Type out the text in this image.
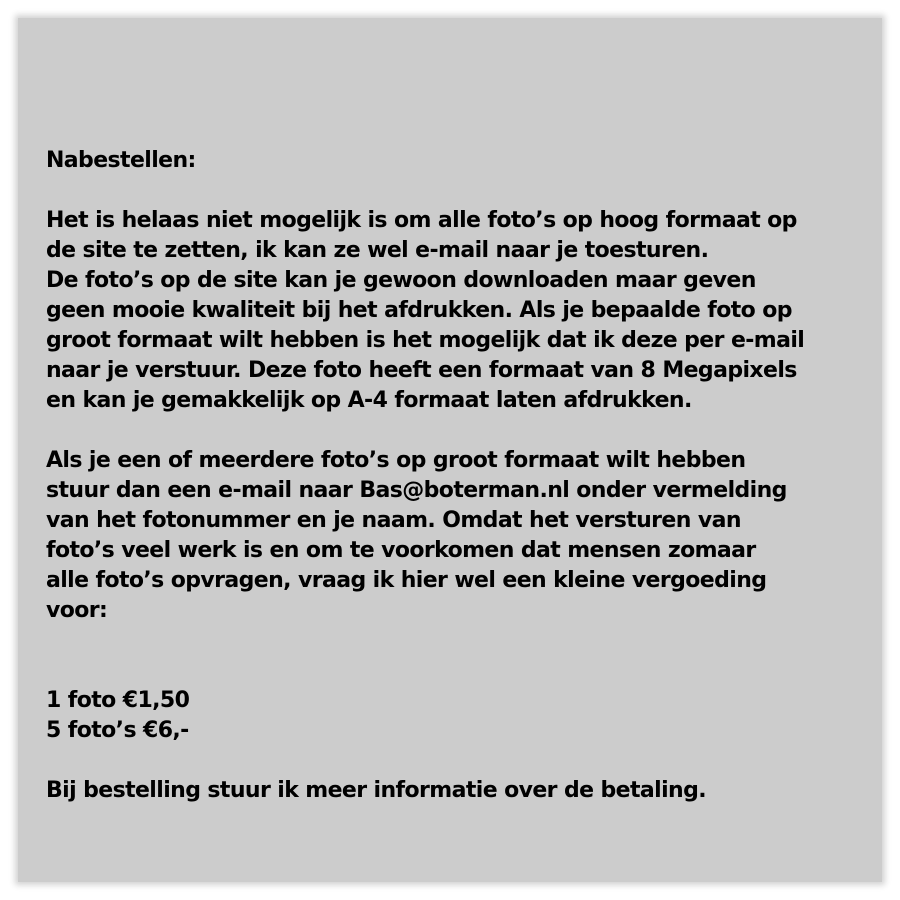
Nabestellen:

Het is helaas niet mogelijk is om alle foto’s op hoog formaat op
de site te zetten, ik kan ze wel e-mail naar je toesturen.
De foto’s op de site kan je gewoon downloaden maar geven
geen mooie kwaliteit bij het afdrukken. Als je bepaalde foto op
groot formaat wilt hebben is het mogelijk dat ik deze per e-mail
naar je verstuur. Deze foto heeft een formaat van 8 Megapixels
en kan je gemakkelijk op A-4 formaat laten afdrukken.

Als je een of meerdere foto’s op groot formaat wilt hebben
stuur dan een e-mail naar Bas@boterman.nl onder vermelding
van het fotonummer en je naam. Omdat het versturen van
foto’s veel werk is en om te voorkomen dat mensen zomaar
alle foto’s opvragen, vraag ik hier wel een kleine vergoeding
voor:

1 foto €1,50
5 foto’s €6,-

Bij bestelling stuur ik meer informatie over de betaling.
